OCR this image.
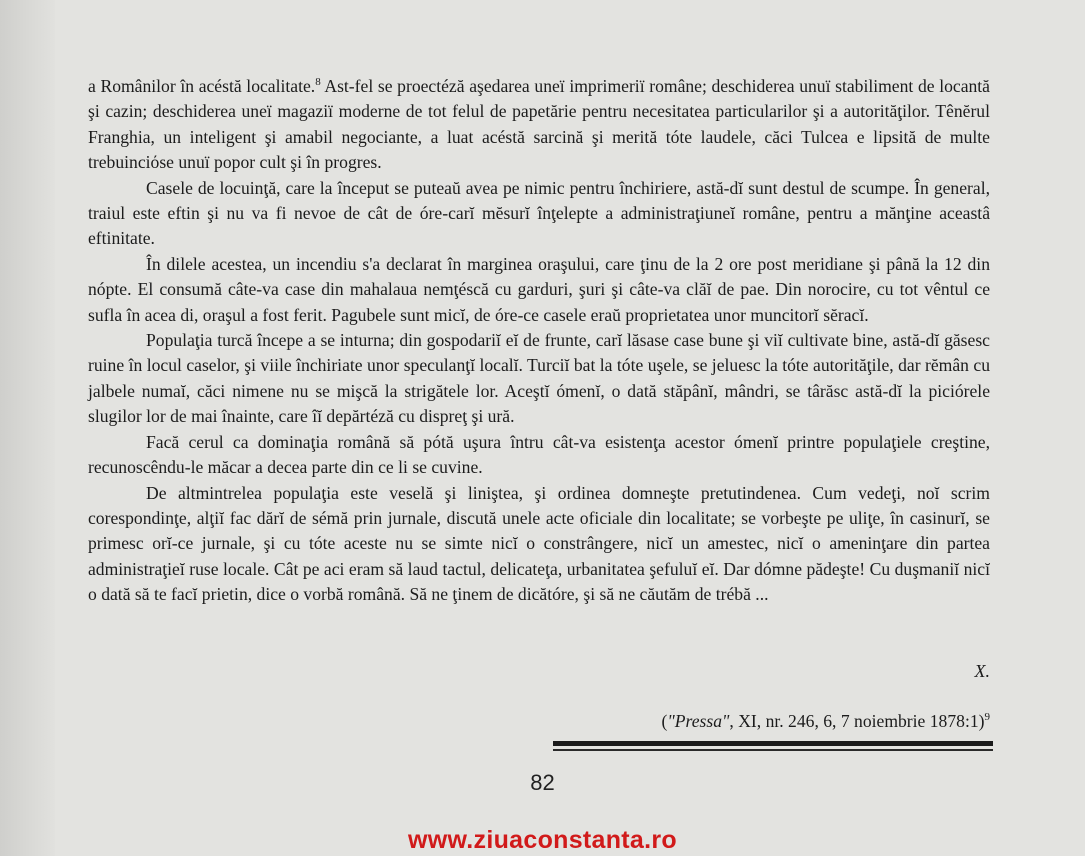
a Românilor în acéstă localitate.$^8$ Ast-fel se proectéză aşedarea uneï imprimeriï române; deschiderea unuï stabiliment de locantă şi cazin; deschiderea uneï magaziï moderne de tot felul de papetărie pentru necesitatea particularilor şi a autorităţilor. Tênĕrul Franghia, un inteligent şi amabil negociante, a luat acéstă sarcină şi merită tóte laudele, căci Tulcea e lipsită de multe trebuinciόse unuï popor cult şi în progres.

Casele de locuinţă, care la început se puteaŭ avea pe nimic pentru închiriere, astă-dĭ sunt destul de scumpe. În general, traiul este eftin şi nu va fi nevoe de cât de óre-carĭ mĕsurĭ înţelepte a administraţiuneĭ române, pentru a mănţine aceastâ eftinitate.

În dilele acestea, un incendiu s'a declarat în marginea oraşului, care ţinu de la 2 ore post meridiane şi până la 12 din nópte. El consumă câte-va case din mahalaua nemţéscă cu garduri, şuri şi câte-va clăĭ de pae. Din norocire, cu tot vêntul ce sufla în acea di, oraşul a fost ferit. Pagubele sunt micĭ, de óre-ce casele eraŭ proprietatea unor muncitorĭ sĕracĭ.

Populaţia turcă începe a se inturna; din gospodariĭ eĭ de frunte, carĭ lăsase case bune şi viĭ cultivate bine, astă-dĭ găsesc ruine în locul caselor, şi viile închiriate unor speculanţĭ localĭ. Turciĭ bat la tóte uşele, se jeluesc la tóte autorităţile, dar rĕmân cu jalbele numaĭ, căci nimene nu se mişcă la strigătele lor. Aceştĭ ómenĭ, o dată stăpânĭ, mândri, se târăsc astă-dĭ la piciórele slugilor lor de mai înainte, care îĭ depărtéză cu dispreţ şi ură.

Facă cerul ca dominaţia română să pótă uşura întru cât-va esistenţa acestor ómenĭ printre populaţiele creştine, recunoscêndu-le măcar a decea parte din ce li se cuvine.

De altmintrelea populaţia este veselă şi liniştea, şi ordinea domneşte pretutindenea. Cum vedeţi, noĭ scrim corespondinţe, alţiĭ fac dărĭ de sémă prin jurnale, discută unele acte oficiale din localitate; se vorbeşte pe uliţe, în casinurĭ, se primesc orĭ-ce jurnale, şi cu tóte aceste nu se simte nicĭ o constrângere, nicĭ un amestec, nicĭ o ameninţare din partea administraţieĭ ruse locale. Cât pe aci eram să laud tactul, delicateţa, urbanitatea şefuluĭ eĭ. Dar dómne pădeşte! Cu duşmaniĭ nicĭ o dată să te facĭ prietin, dice o vorbă română. Să ne ţinem de dicătóre, şi să ne căutăm de trébă ...

X.
("Pressa", XI, nr. 246, 6, 7 noiembrie 1878:1)$^9$
82
www.ziuaconstanta.ro
